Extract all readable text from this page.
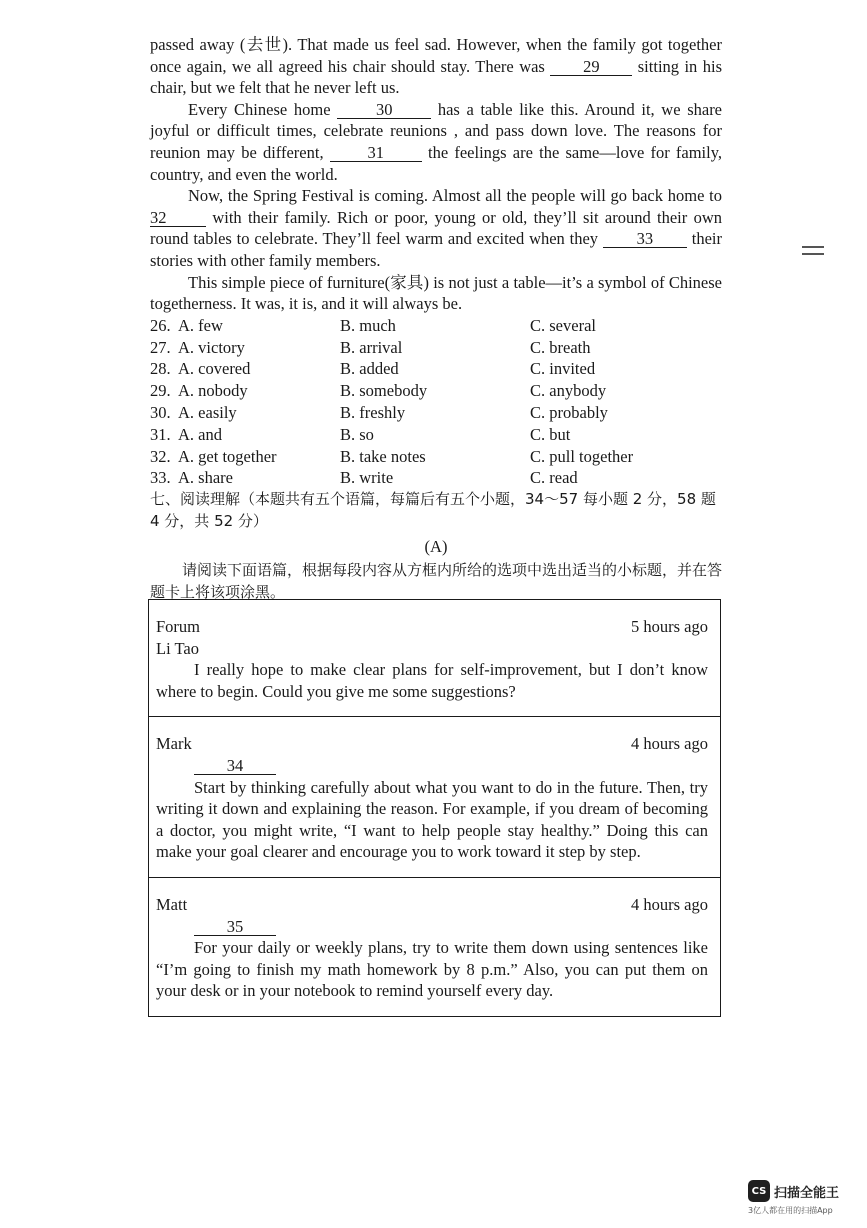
passed away (去世). That made us feel sad. However, when the family got together
once again, we all agreed his chair should stay. There was 29 sitting in his
chair, but we felt that he never left us.
Every Chinese home	30	has a table like this. Around it, we share
joyful or difficult times, celebrate reunions , and pass down love. The reasons for
reunion may be different,	31	the feelings are the same—love for family,
country, and even the world.
Now, the Spring Festival is coming. Almost all the people will go back home to
32	with their family. Rich or poor, young or old, they’ll sit around their own
round tables to celebrate. They’ll feel warm and excited when they 33 their
stories with other family members.
This simple piece of furniture(家具) is not just a table—it’s a symbol of Chinese
togetherness. It was, it is, and it will always be.
26. A. few	B. much	C. several
27. A. victory	B. arrival	C. breath
28. A. covered	B. added	C. invited
29. A. nobody	B. somebody	C. anybody
30. A. easily	B. freshly	C. probably
31. A. and	B. so	C. but
32. A. get together	B. take notes	C. pull together
33. A. share	B. write	C. read
七、阅读理解（本题共有五个语篇，每篇后有五个小题，34～57 每小题 2 分，58 题 4 分，共 52 分）
(A)
请阅读下面语篇，根据每段内容从方框内所给的选项中选出适当的小标题，并在答题卡上将该项涂黑。
Forum	5 hours ago
Li Tao
I really hope to make clear plans for self-improvement, but I don’t know where to begin. Could you give me some suggestions?
Mark	4 hours ago
34
Start by thinking carefully about what you want to do in the future. Then, try writing it down and explaining the reason. For example, if you dream of becoming a doctor, you might write, “I want to help people stay healthy.” Doing this can make your goal clearer and encourage you to work toward it step by step.
Matt	4 hours ago
35
For your daily or weekly plans, try to write them down using sentences like “I’m going to finish my math homework by 8 p.m.” Also, you can put them on your desk or in your notebook to remind yourself every day.
CS 扫描全能王
3亿人都在用的扫描App
